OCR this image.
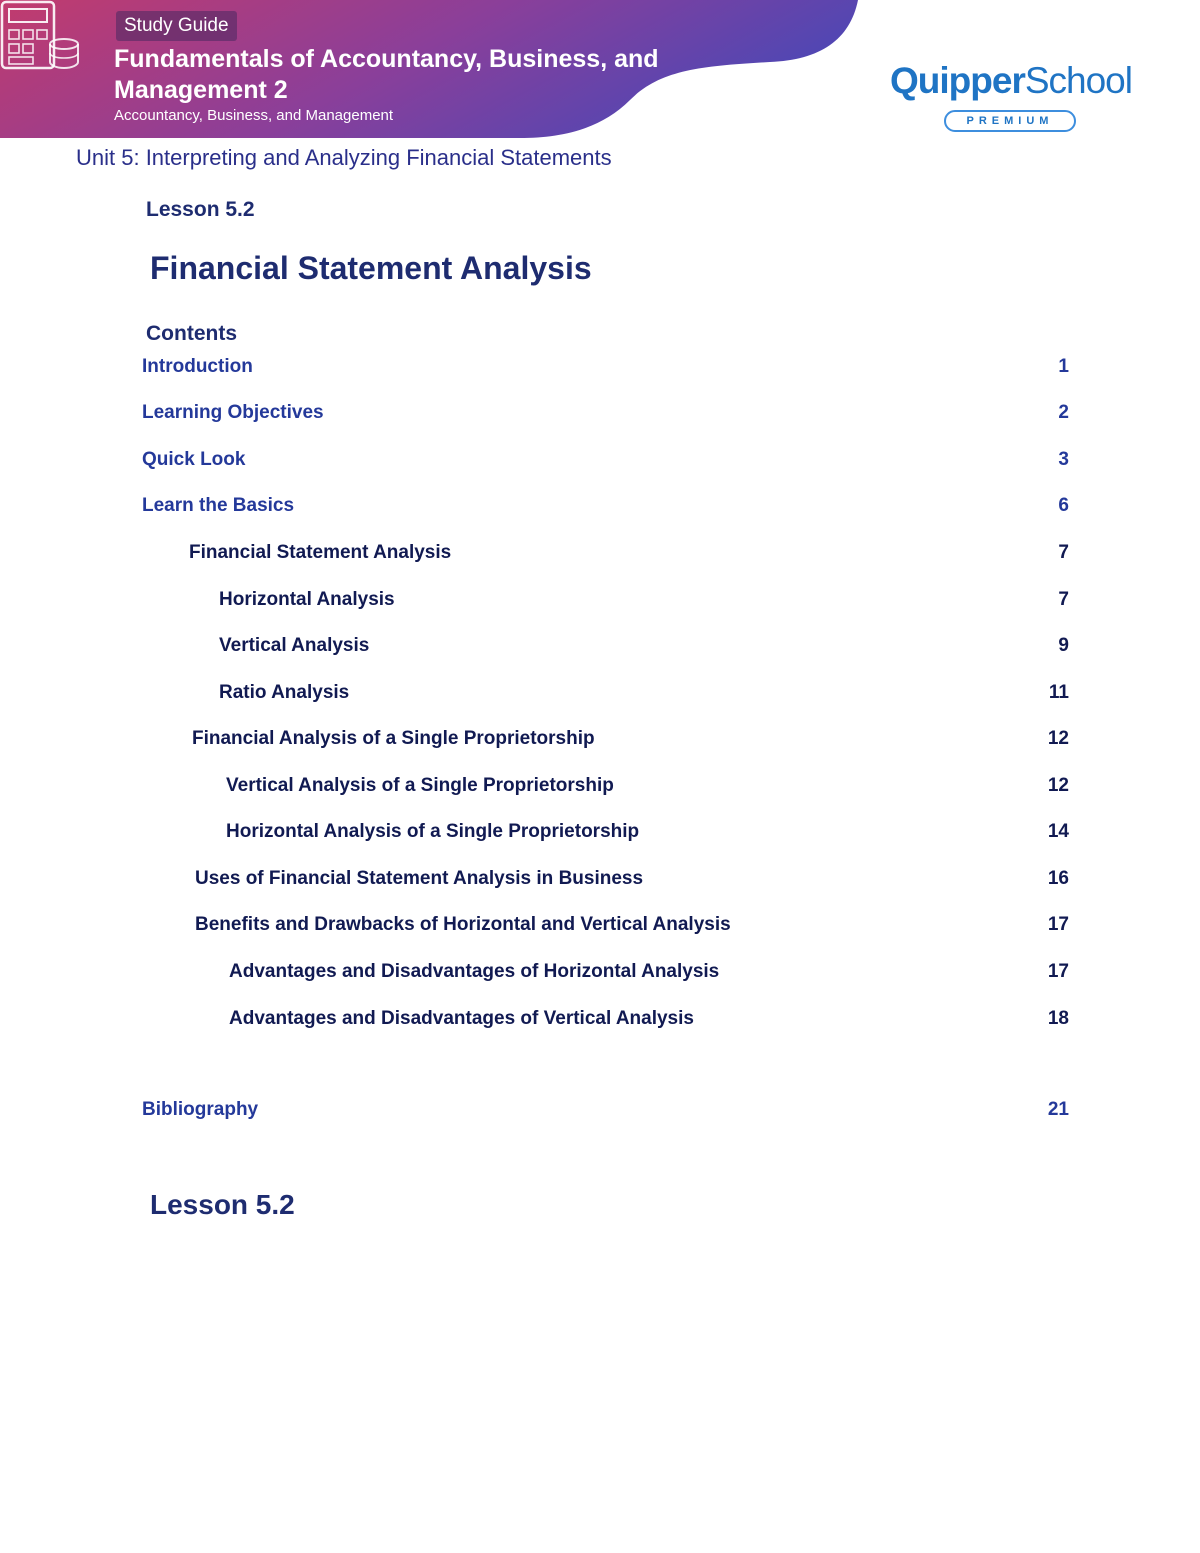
Study Guide
Fundamentals of Accountancy, Business, and Management 2
Accountancy, Business, and Management
QuipperSchool
PREMIUM
Unit 5: Interpreting and Analyzing Financial Statements
Lesson 5.2
Financial Statement Analysis
Contents
Introduction	1
Learning Objectives	2
Quick Look	3
Learn the Basics	6
Financial Statement Analysis	7
Horizontal Analysis	7
Vertical Analysis	9
Ratio Analysis	11
Financial Analysis of a Single Proprietorship	12
Vertical Analysis of a Single Proprietorship	12
Horizontal Analysis of a Single Proprietorship	14
Uses of Financial Statement Analysis in Business	16
Benefits and Drawbacks of Horizontal and Vertical Analysis	17
Advantages and Disadvantages of Horizontal Analysis	17
Advantages and Disadvantages of Vertical Analysis	18
Bibliography	21
Lesson 5.2
